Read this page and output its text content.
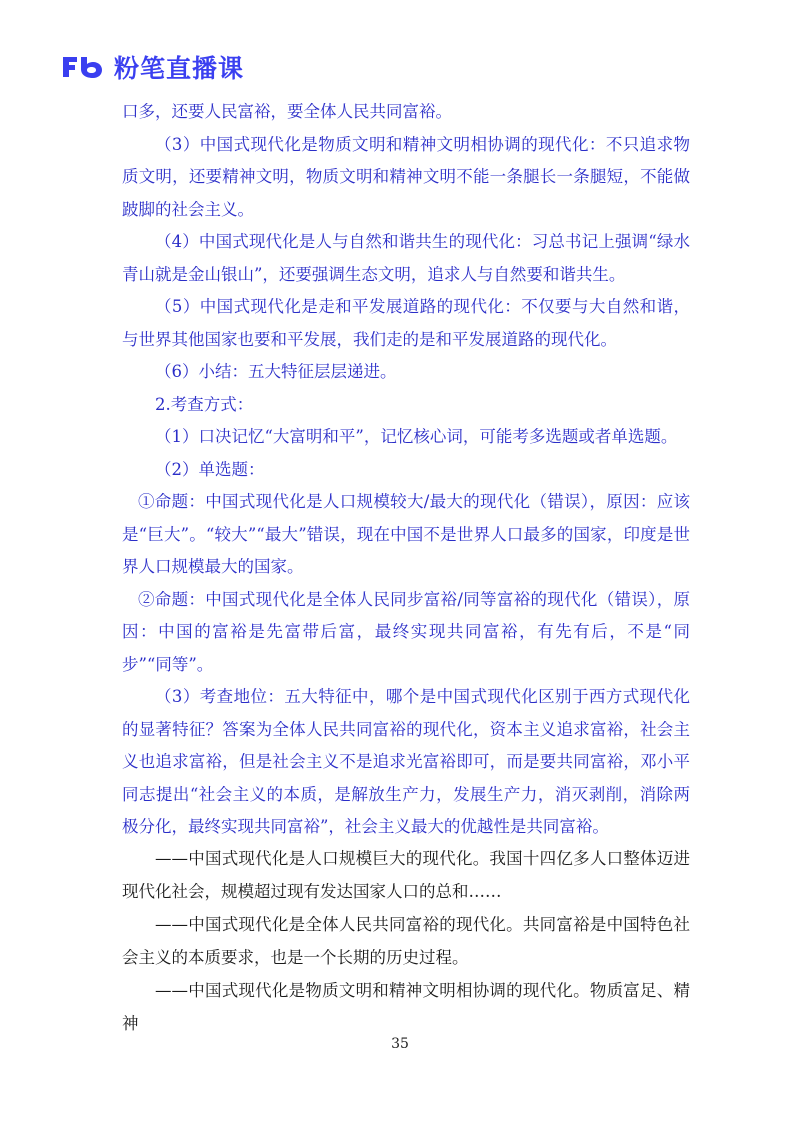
粉笔直播课

口多，还要人民富裕，要全体人民共同富裕。

（3）中国式现代化是物质文明和精神文明相协调的现代化：不只追求物质文明，还要精神文明，物质文明和精神文明不能一条腿长一条腿短，不能做跛脚的社会主义。

（4）中国式现代化是人与自然和谐共生的现代化：习总书记上强调“绿水青山就是金山银山”，还要强调生态文明，追求人与自然要和谐共生。

（5）中国式现代化是走和平发展道路的现代化：不仅要与大自然和谐，与世界其他国家也要和平发展，我们走的是和平发展道路的现代化。

（6）小结：五大特征层层递进。

2.考查方式：

（1）口决记忆“大富明和平”，记忆核心词，可能考多选题或者单选题。

（2）单选题：

①命题：中国式现代化是人口规模较大/最大的现代化（错误），原因：应该是“巨大”。“较大”“最大”错误，现在中国不是世界人口最多的国家，印度是世界人口规模最大的国家。

②命题：中国式现代化是全体人民同步富裕/同等富裕的现代化（错误），原因：中国的富裕是先富带后富，最终实现共同富裕，有先有后，不是“同步”“同等”。

（3）考查地位：五大特征中，哪个是中国式现代化区别于西方式现代化的显著特征？答案为全体人民共同富裕的现代化，资本主义追求富裕，社会主义也追求富裕，但是社会主义不是追求光富裕即可，而是要共同富裕，邓小平同志提出“社会主义的本质，是解放生产力，发展生产力，消灭剥削，消除两极分化，最终实现共同富裕”，社会主义最大的优越性是共同富裕。

——中国式现代化是人口规模巨大的现代化。我国十四亿多人口整体迈进现代化社会，规模超过现有发达国家人口的总和……

——中国式现代化是全体人民共同富裕的现代化。共同富裕是中国特色社会主义的本质要求，也是一个长期的历史过程。

——中国式现代化是物质文明和精神文明相协调的现代化。物质富足、精神

35
